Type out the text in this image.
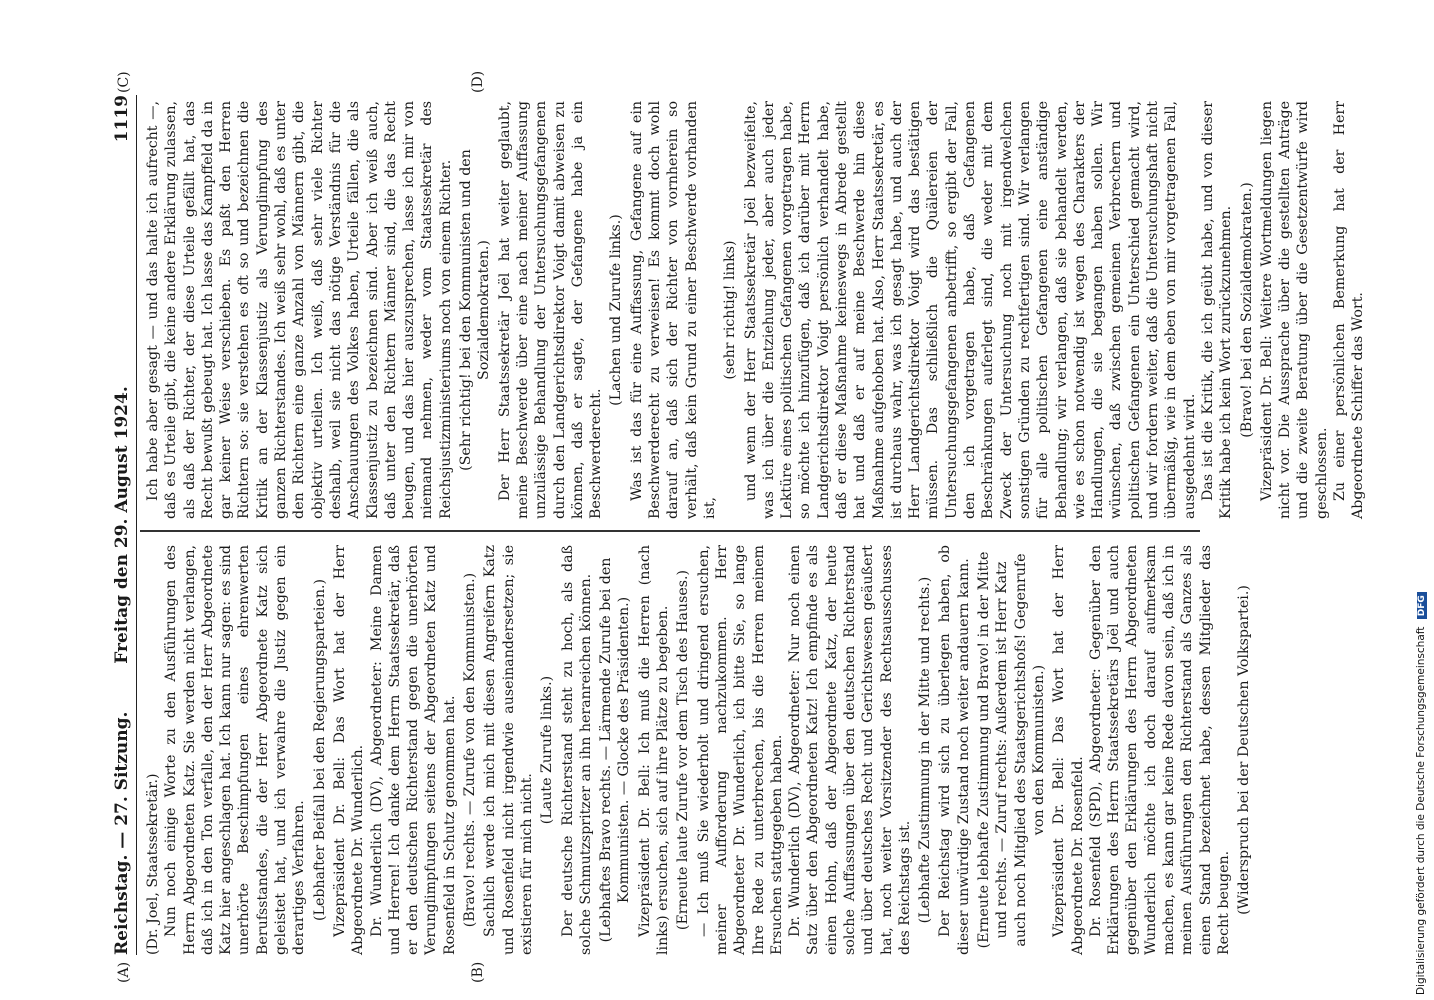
Reichstag. — 27. Sitzung.
Freitag den 29. August 1924.
1119
(A)	(B)
(C)	(D)

(Dr. Joel, Staatssekretär.) Nun noch einige Worte zu den Ausführungen des Herrn Abgeordneten Katz. Sie werden nicht verlangen, daß ich in den Ton verfalle, den der Herr Abgeordnete Katz hier angeschlagen hat. Ich kann nur sagen: es sind unerhörte Beschimpfungen eines ehrenwerten Berufsstandes, die der Herr Abgeordnete Katz sich geleistet hat, und ich verwahre die Justiz gegen ein derartiges Verfahren. (Lebhafter Beifall bei den Regierungsparteien.) Vizepräsident Dr. Bell: Das Wort hat der Herr Abgeordnete Dr. Wunderlich. Dr. Wunderlich (DV), Abgeordneter: Meine Damen und Herren! Ich danke dem Herrn Staatssekretär, daß er den deutschen Richterstand gegen die unerhörten Verunglimpfungen seitens der Abgeordneten Katz und Rosenfeld in Schutz genommen hat. (Bravo! rechts. — Zurufe von den Kommunisten.) Sachlich werde ich mich mit diesen Angreifern Katz und Rosenfeld nicht irgendwie auseinandersetzen; sie existieren für mich nicht.

(Laute Zurufe links.) Der deutsche Richterstand steht zu hoch, als daß solche Schmutzspritzer an ihn heranreichen können. (Lebhaftes Bravo rechts. — Lärmende Zurufe bei den Kommunisten. — Glocke des Präsidenten.) Vizepräsident Dr. Bell: Ich muß die Herren (nach links) ersuchen, sich auf ihre Plätze zu begeben. (Erneute laute Zurufe vor dem Tisch des Hauses.) — Ich muß Sie wiederholt und dringend ersuchen, meiner Aufforderung nachzukommen. Herr Abgeordneter Dr. Wunderlich, ich bitte Sie, so lange Ihre Rede zu unterbrechen, bis die Herren meinem Ersuchen stattgegeben haben. Dr. Wunderlich (DV), Abgeordneter: Nur noch einen Satz über den Abgeordneten Katz! Ich empfinde es als einen Hohn, daß der Abgeordnete Katz, der heute solche Auffassungen über den deutschen Richterstand und über deutsches Recht und Gerichtswesen geäußert hat, noch weiter Vorsitzender des Rechtsausschusses des Reichstags ist. (Lebhafte Zustimmung in der Mitte und rechts.) Der Reichstag wird sich zu überlegen haben, ob dieser unwürdige Zustand noch weiter andauern kann. (Erneute lebhafte Zustimmung und Bravo! in der Mitte und rechts. — Zuruf rechts: Außerdem ist Herr Katz auch noch Mitglied des Staatsgerichtshofs! Gegenrufe von den Kommunisten.) Vizepräsident Dr. Bell: Das Wort hat der Herr Abgeordnete Dr. Rosenfeld. Dr. Rosenfeld (SPD), Abgeordneter: Gegenüber den Erklärungen des Herrn Staatssekretärs Joël und auch gegenüber den Erklärungen des Herrn Abgeordneten Wunderlich möchte ich doch darauf aufmerksam machen, es kann gar keine Rede davon sein, daß ich in meinen Ausführungen den Richterstand als Ganzes als einen Stand bezeichnet habe, dessen Mitglieder das Recht beugen. (Widerspruch bei der Deutschen Volkspartei.)

Ich habe aber gesagt — und das halte ich aufrecht —, daß es Urteile gibt, die keine andere Erklärung zulassen, als daß der Richter, der diese Urteile gefällt hat, das Recht bewußt gebeugt hat. Ich lasse das Kampffeld da in gar keiner Weise verschieben. Es paßt den Herren Richtern so: sie verstehen es oft so und bezeichnen die Kritik an der Klassenjustiz als Verunglimpfung des ganzen Richterstandes. Ich weiß sehr wohl, daß es unter den Richtern eine ganze Anzahl von Männern gibt, die objektiv urteilen. Ich weiß, daß sehr viele Richter deshalb, weil sie nicht das nötige Verständnis für die Anschauungen des Volkes haben, Urteile fällen, die als Klassenjustiz zu bezeichnen sind. Aber ich weiß auch, daß unter den Richtern Männer sind, die das Recht beugen, und das hier auszusprechen, lasse ich mir von niemand nehmen, weder vom Staatssekretär des Reichsjustizministeriums noch von einem Richter. (Sehr richtig! bei den Kommunisten und den Sozialdemokraten.) Der Herr Staatssekretär Joël hat weiter geglaubt, meine Beschwerde über eine nach meiner Auffassung unzulässige Behandlung der Untersuchungsgefangenen durch den Landgerichtsdirektor Voigt damit abweisen zu können, daß er sagte, der Gefangene habe ja ein Beschwerderecht.

(Lachen und Zurufe links.) Was ist das für eine Auffassung, Gefangene auf ein Beschwerderecht zu verweisen! Es kommt doch wohl darauf an, daß sich der Richter von vornherein so verhält, daß kein Grund zu einer Beschwerde vorhanden ist,

(sehr richtig! links) und wenn der Herr Staatssekretär Joël bezweifelte, was ich über die Entziehung jeder, aber auch jeder Lektüre eines politischen Gefangenen vorgetragen habe, so möchte ich hinzufügen, daß ich darüber mit Herrn Landgerichtsdirektor Voigt persönlich verhandelt habe, daß er diese Maßnahme keineswegs in Abrede gestellt hat und daß er auf meine Beschwerde hin diese Maßnahme aufgehoben hat. Also, Herr Staatssekretär, es ist durchaus wahr, was ich gesagt habe, und auch der Herr Landgerichtsdirektor Voigt wird das bestätigen müssen. Das schließlich die Quälereien der Untersuchungsgefangenen anbetrifft, so ergibt der Fall, den ich vorgetragen habe, daß Gefangenen Beschränkungen auferlegt sind, die weder mit dem Zweck der Untersuchung noch mit irgendwelchen sonstigen Gründen zu rechtfertigen sind. Wir verlangen für alle politischen Gefangenen eine anständige Behandlung; wir verlangen, daß sie behandelt werden, wie es schon notwendig ist wegen des Charakters der Handlungen, die sie begangen haben sollen. Wir wünschen, daß zwischen gemeinen Verbrechern und politischen Gefangenen ein Unterschied gemacht wird, und wir fordern weiter, daß die Untersuchungshaft nicht übermäßig, wie in dem eben von mir vorgetragenen Fall, ausgedehnt wird. Das ist die Kritik, die ich geübt habe, und von dieser Kritik habe ich kein Wort zurückzunehmen. (Bravo! bei den Sozialdemokraten.) Vizepräsident Dr. Bell: Weitere Wortmeldungen liegen nicht vor. Die Aussprache über die gestellten Anträge und die zweite Beratung über die Gesetzentwürfe wird geschlossen. Zu einer persönlichen Bemerkung hat der Herr Abgeordnete Schiffer das Wort.

Digitalisierung gefördert durch die Deutsche Forschungsgemeinschaft DFG
